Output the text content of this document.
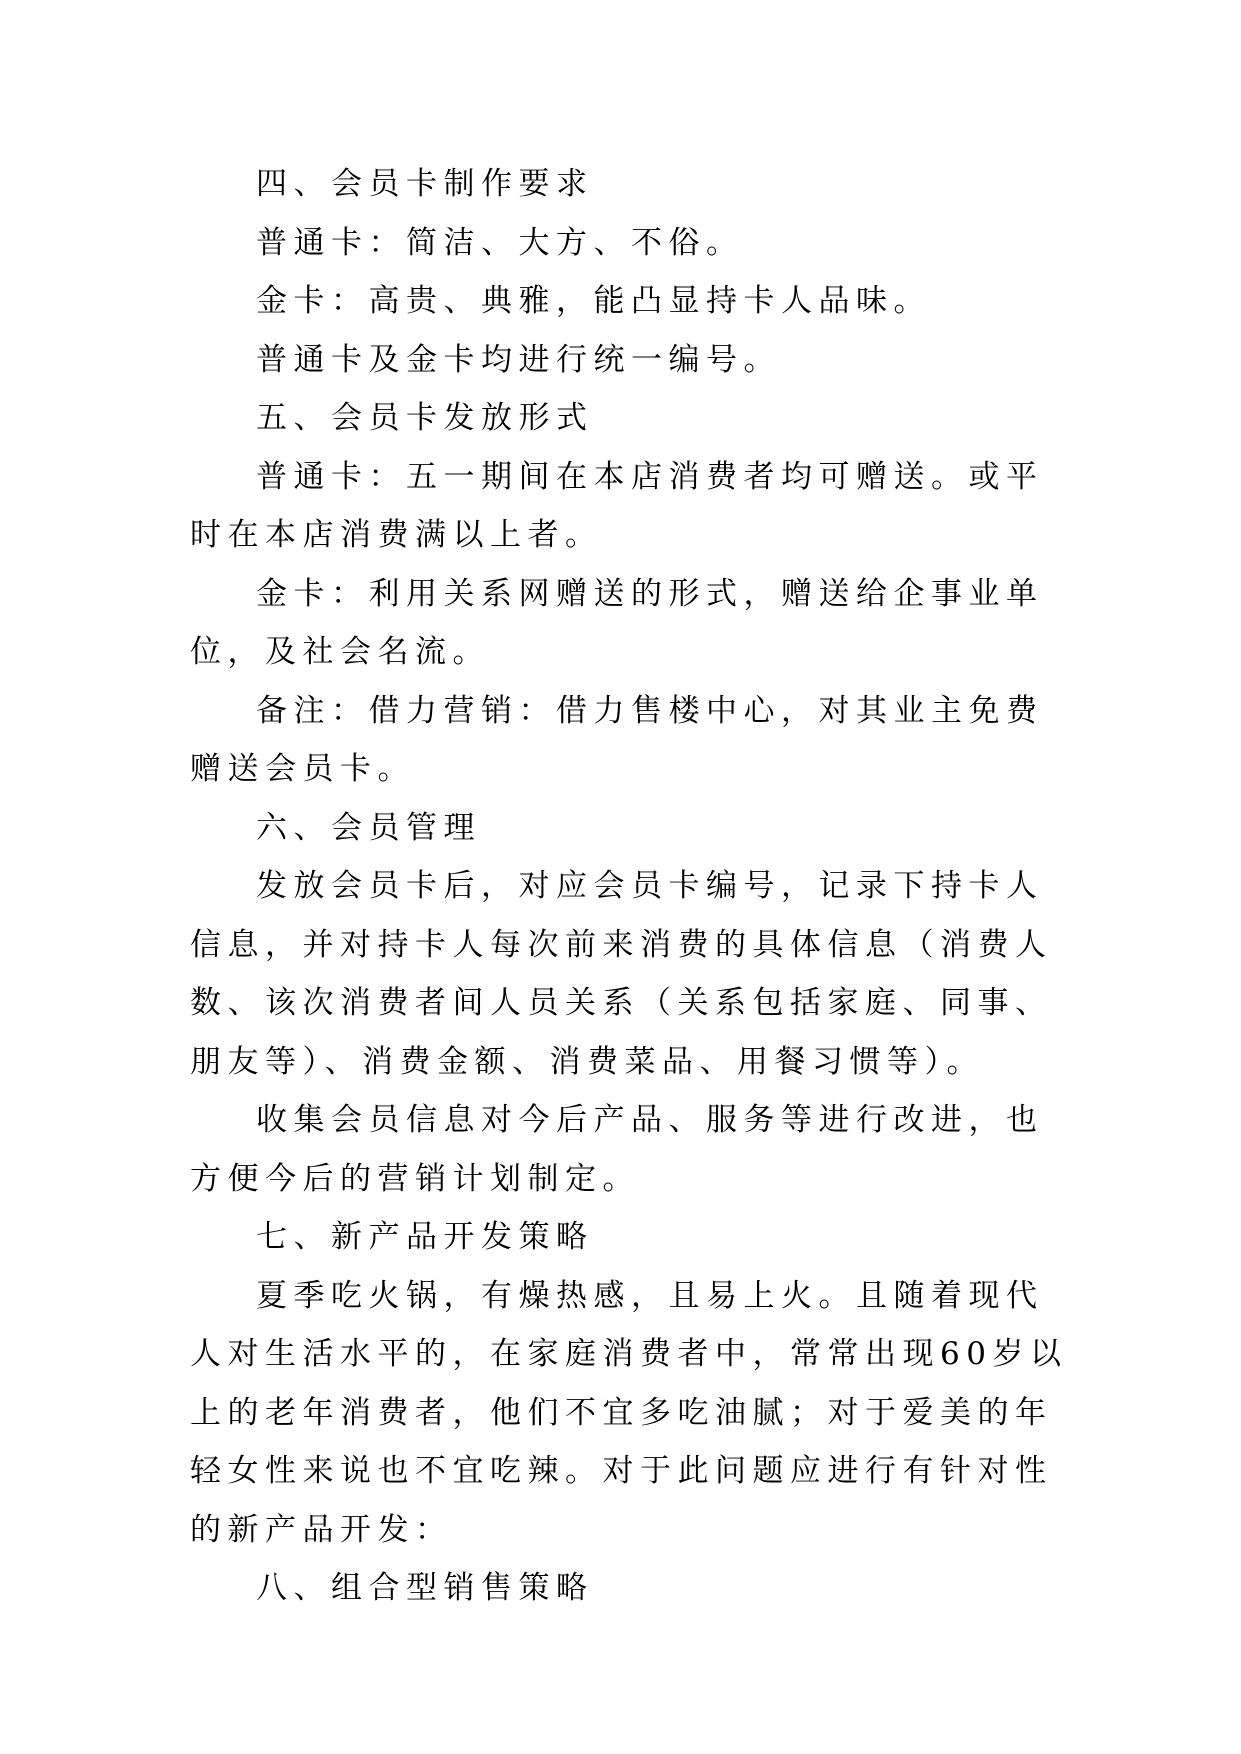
四、会员卡制作要求

普通卡：简洁、大方、不俗。

金卡：高贵、典雅，能凸显持卡人品味。

普通卡及金卡均进行统一编号。

五、会员卡发放形式

普通卡：五一期间在本店消费者均可赠送。或平时在本店消费满以上者。

金卡：利用关系网赠送的形式，赠送给企事业单位，及社会名流。

备注：借力营销：借力售楼中心，对其业主免费赠送会员卡。

六、会员管理

发放会员卡后，对应会员卡编号，记录下持卡人信息，并对持卡人每次前来消费的具体信息（消费人数、该次消费者间人员关系（关系包括家庭、同事、朋友等）、消费金额、消费菜品、用餐习惯等）。

收集会员信息对今后产品、服务等进行改进，也方便今后的营销计划制定。

七、新产品开发策略

夏季吃火锅，有燥热感，且易上火。且随着现代人对生活水平的，在家庭消费者中，常常出现60岁以上的老年消费者，他们不宜多吃油腻；对于爱美的年轻女性来说也不宜吃辣。对于此问题应进行有针对性的新产品开发：

八、组合型销售策略
